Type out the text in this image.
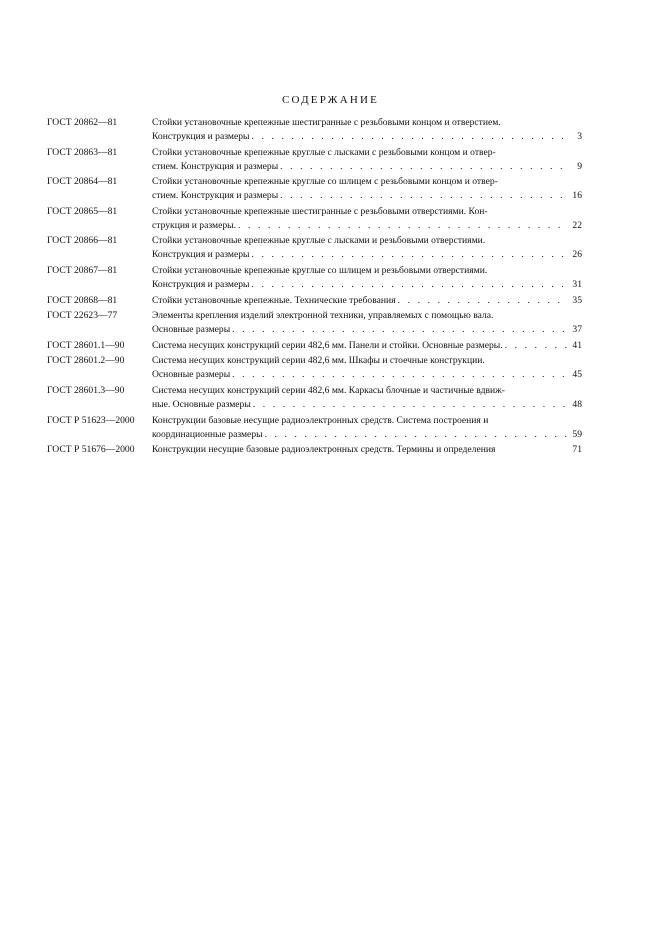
СОДЕРЖАНИЕ
ГОСТ 20862—81	Стойки установочные крепежные шестигранные с резьбовыми концом и отверстием.
Конструкция и размеры . . .	3
ГОСТ 20863—81	Стойки установочные крепежные круглые с лысками с резьбовыми концом и отвер-
стием. Конструкция и размеры . . .	9
ГОСТ 20864—81	Стойки установочные крепежные круглые со шлицем с резьбовыми концом и отвер-
стием. Конструкция и размеры . . .	16
ГОСТ 20865—81	Стойки установочные крепежные шестигранные с резьбовыми отверстиями. Кон-
струкция и размеры. . . .	22
ГОСТ 20866—81	Стойки установочные крепежные круглые с лысками и резьбовыми отверстиями.
Конструкция и размеры . . .	26
ГОСТ 20867—81	Стойки установочные крепежные круглые со шлицем и резьбовыми отверстиями.
Конструкция и размеры . . .	31
ГОСТ 20868—81	Стойки установочные крепежные. Технические требования . . .	35
ГОСТ 22623—77	Элементы крепления изделий электронной техники, управляемых с помощью вала.
Основные размеры . . .	37
ГОСТ 28601.1—90	Система несущих конструкций серии 482,6 мм. Панели и стойки. Основные размеры. . . .	41
ГОСТ 28601.2—90	Система несущих конструкций серии 482,6 мм. Шкафы и стоечные конструкции.
Основные размеры . . .	45
ГОСТ 28601.3—90	Система несущих конструкций серии 482,6 мм. Каркасы блочные и частичные вдвиж-
ные. Основные размеры . . .	48
ГОСТ Р 51623—2000	Конструкции базовые несущие радиоэлектронных средств. Система построения и
координационные размеры . . .	59
ГОСТ Р 51676—2000	Конструкции несущие базовые радиоэлектронных средств. Термины и определения	71
